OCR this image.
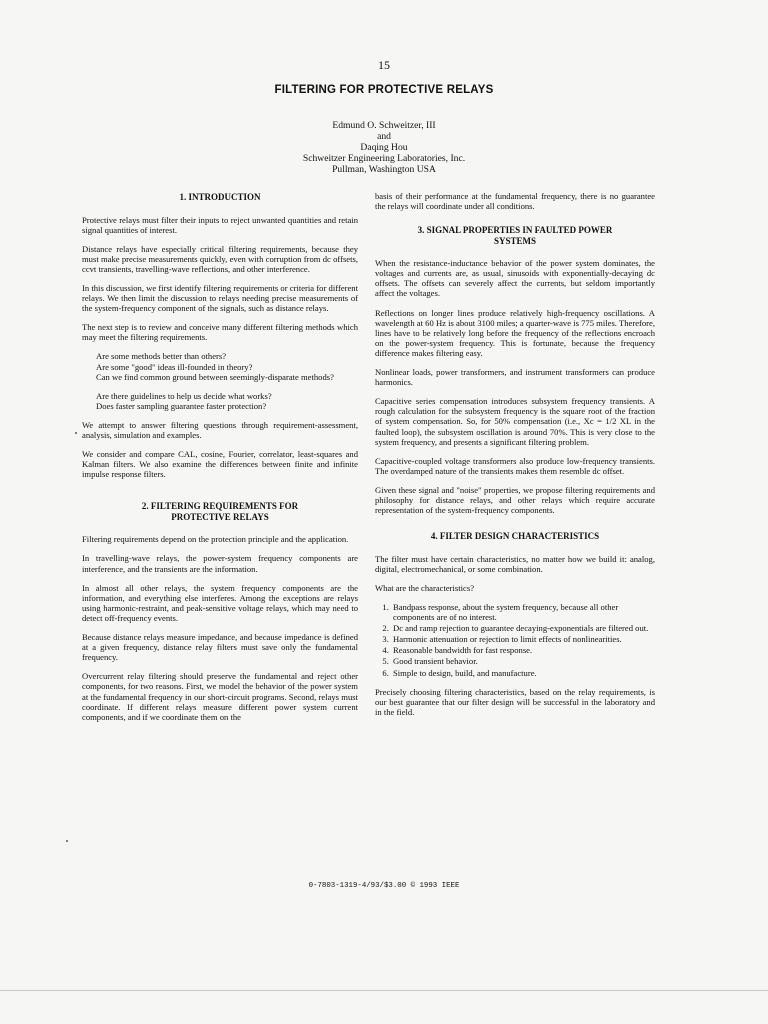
15
FILTERING FOR PROTECTIVE RELAYS
Edmund O. Schweitzer, III
and
Daqing Hou
Schweitzer Engineering Laboratories, Inc.
Pullman, Washington USA
1. INTRODUCTION

Protective relays must filter their inputs to reject unwanted quantities and retain signal quantities of interest.

Distance relays have especially critical filtering requirements, because they must make precise measurements quickly, even with corruption from dc offsets, ccvt transients, travelling-wave reflections, and other interference.

In this discussion, we first identify filtering requirements or criteria for different relays. We then limit the discussion to relays needing precise measurements of the system-frequency component of the signals, such as distance relays.

The next step is to review and conceive many different filtering methods which may meet the filtering requirements.

Are some methods better than others?
Are some "good" ideas ill-founded in theory?
Can we find common ground between seemingly-disparate methods?
Are there guidelines to help us decide what works?
Does faster sampling guarantee faster protection?

We attempt to answer filtering questions through requirement-assessment, analysis, simulation and examples.

We consider and compare CAL, cosine, Fourier, correlator, least-squares and Kalman filters. We also examine the differences between finite and infinite impulse response filters.

2. FILTERING REQUIREMENTS FOR PROTECTIVE RELAYS

Filtering requirements depend on the protection principle and the application.

In travelling-wave relays, the power-system frequency components are interference, and the transients are the information.

In almost all other relays, the system frequency components are the information, and everything else interferes. Among the exceptions are relays using harmonic-restraint, and peak-sensitive voltage relays, which may need to detect off-frequency events.

Because distance relays measure impedance, and because impedance is defined at a given frequency, distance relay filters must save only the fundamental frequency.

Overcurrent relay filtering should preserve the fundamental and reject other components, for two reasons. First, we model the behavior of the power system at the fundamental frequency in our short-circuit programs. Second, relays must coordinate. If different relays measure different power system current components, and if we coordinate them on the

basis of their performance at the fundamental frequency, there is no guarantee the relays will coordinate under all conditions.

3. SIGNAL PROPERTIES IN FAULTED POWER SYSTEMS

When the resistance-inductance behavior of the power system dominates, the voltages and currents are, as usual, sinusoids with exponentially-decaying dc offsets. The offsets can severely affect the currents, but seldom importantly affect the voltages.

Reflections on longer lines produce relatively high-frequency oscillations. A wavelength at 60 Hz is about 3100 miles; a quarter-wave is 775 miles. Therefore, lines have to be relatively long before the frequency of the reflections encroach on the power-system frequency. This is fortunate, because the frequency difference makes filtering easy.

Nonlinear loads, power transformers, and instrument transformers can produce harmonics.

Capacitive series compensation introduces subsystem frequency transients. A rough calculation for the subsystem frequency is the square root of the fraction of system compensation. So, for 50% compensation (i.e., Xc = 1/2 XL in the faulted loop), the subsystem oscillation is around 70%. This is very close to the system frequency, and presents a significant filtering problem.

Capacitive-coupled voltage transformers also produce low-frequency transients. The overdamped nature of the transients makes them resemble dc offset.

Given these signal and "noise" properties, we propose filtering requirements and philosophy for distance relays, and other relays which require accurate representation of the system-frequency components.

4. FILTER DESIGN CHARACTERISTICS

The filter must have certain characteristics, no matter how we build it: analog, digital, electromechanical, or some combination.

What are the characteristics?

1. Bandpass response, about the system frequency, because all other components are of no interest.
2. Dc and ramp rejection to guarantee decaying-exponentials are filtered out.
3. Harmonic attenuation or rejection to limit effects of nonlinearities.
4. Reasonable bandwidth for fast response.
5. Good transient behavior.
6. Simple to design, build, and manufacture.

Precisely choosing filtering characteristics, based on the relay requirements, is our best guarantee that our filter design will be successful in the laboratory and in the field.

0-7803-1319-4/93/$3.00 © 1993 IEEE
